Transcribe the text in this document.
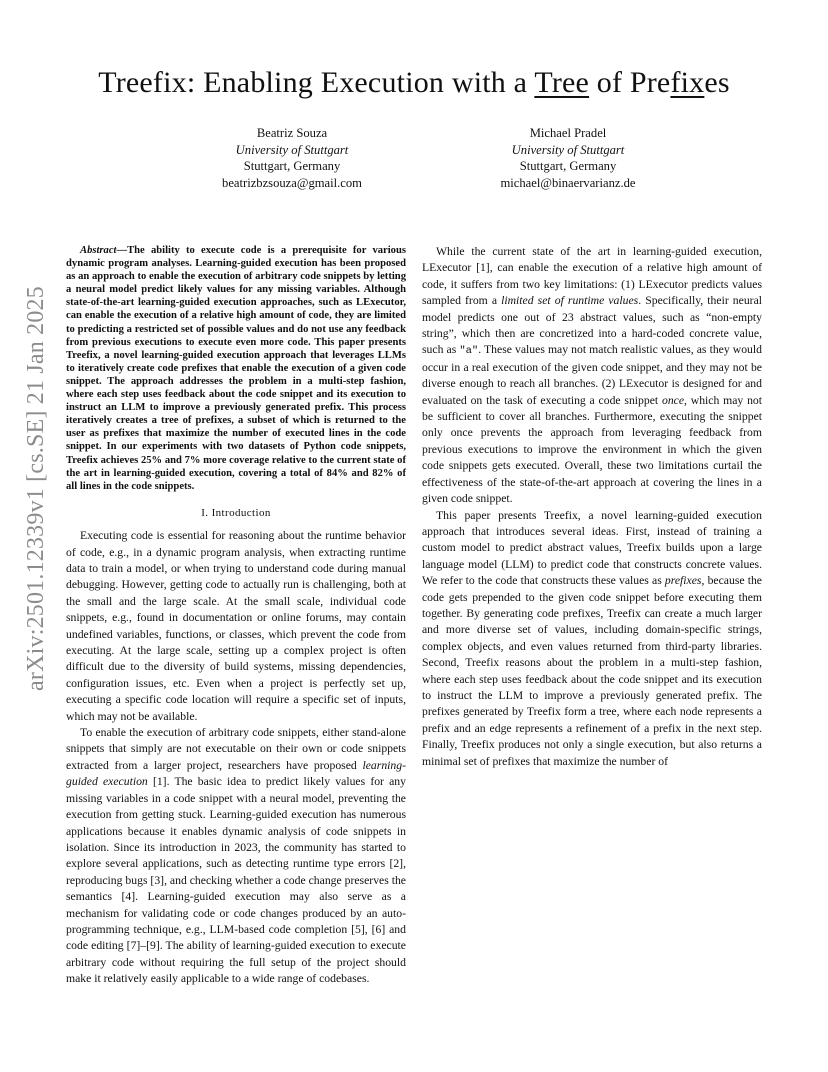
arXiv:2501.12339v1 [cs.SE] 21 Jan 2025
Treefix: Enabling Execution with a Tree of Prefixes
Beatriz Souza
University of Stuttgart
Stuttgart, Germany
beatrizbzsouza@gmail.com
Michael Pradel
University of Stuttgart
Stuttgart, Germany
michael@binaervarianz.de

Abstract—The ability to execute code is a prerequisite for various dynamic program analyses. Learning-guided execution has been proposed as an approach to enable the execution of arbitrary code snippets by letting a neural model predict likely values for any missing variables. Although state-of-the-art learning-guided execution approaches, such as LExecutor, can enable the execution of a relative high amount of code, they are limited to predicting a restricted set of possible values and do not use any feedback from previous executions to execute even more code. This paper presents Treefix, a novel learning-guided execution approach that leverages LLMs to iteratively create code prefixes that enable the execution of a given code snippet. The approach addresses the problem in a multi-step fashion, where each step uses feedback about the code snippet and its execution to instruct an LLM to improve a previously generated prefix. This process iteratively creates a tree of prefixes, a subset of which is returned to the user as prefixes that maximize the number of executed lines in the code snippet. In our experiments with two datasets of Python code snippets, Treefix achieves 25% and 7% more coverage relative to the current state of the art in learning-guided execution, covering a total of 84% and 82% of all lines in the code snippets.

I. Introduction

Executing code is essential for reasoning about the runtime behavior of code, e.g., in a dynamic program analysis, when extracting runtime data to train a model, or when trying to understand code during manual debugging. However, getting code to actually run is challenging, both at the small and the large scale. At the small scale, individual code snippets, e.g., found in documentation or online forums, may contain undefined variables, functions, or classes, which prevent the code from executing. At the large scale, setting up a complex project is often difficult due to the diversity of build systems, missing dependencies, configuration issues, etc. Even when a project is perfectly set up, executing a specific code location will require a specific set of inputs, which may not be available.

To enable the execution of arbitrary code snippets, either stand-alone snippets that simply are not executable on their own or code snippets extracted from a larger project, researchers have proposed learning-guided execution [1]. The basic idea to predict likely values for any missing variables in a code snippet with a neural model, preventing the execution from getting stuck. Learning-guided execution has numerous applications because it enables dynamic analysis of code snippets in isolation. Since its introduction in 2023, the community has started to explore several applications, such as detecting runtime type errors [2], reproducing bugs [3], and checking whether a code change preserves the semantics [4]. Learning-guided execution may also serve as a mechanism for validating code or code changes produced by an auto-programming technique, e.g., LLM-based code completion [5], [6] and code editing [7]–[9]. The ability of learning-guided execution to execute arbitrary code without requiring the full setup of the project should make it relatively easily applicable to a wide range of codebases.

While the current state of the art in learning-guided execution, LExecutor [1], can enable the execution of a relative high amount of code, it suffers from two key limitations: (1) LExecutor predicts values sampled from a limited set of runtime values. Specifically, their neural model predicts one out of 23 abstract values, such as “non-empty string”, which then are concretized into a hard-coded concrete value, such as "a". These values may not match realistic values, as they would occur in a real execution of the given code snippet, and they may not be diverse enough to reach all branches. (2) LExecutor is designed for and evaluated on the task of executing a code snippet once, which may not be sufficient to cover all branches. Furthermore, executing the snippet only once prevents the approach from leveraging feedback from previous executions to improve the environment in which the given code snippets gets executed. Overall, these two limitations curtail the effectiveness of the state-of-the-art approach at covering the lines in a given code snippet.

This paper presents Treefix, a novel learning-guided execution approach that introduces several ideas. First, instead of training a custom model to predict abstract values, Treefix builds upon a large language model (LLM) to predict code that constructs concrete values. We refer to the code that constructs these values as prefixes, because the code gets prepended to the given code snippet before executing them together. By generating code prefixes, Treefix can create a much larger and more diverse set of values, including domain-specific strings, complex objects, and even values returned from third-party libraries. Second, Treefix reasons about the problem in a multi-step fashion, where each step uses feedback about the code snippet and its execution to instruct the LLM to improve a previously generated prefix. The prefixes generated by Treefix form a tree, where each node represents a prefix and an edge represents a refinement of a prefix in the next step. Finally, Treefix produces not only a single execution, but also returns a minimal set of prefixes that maximize the number of
